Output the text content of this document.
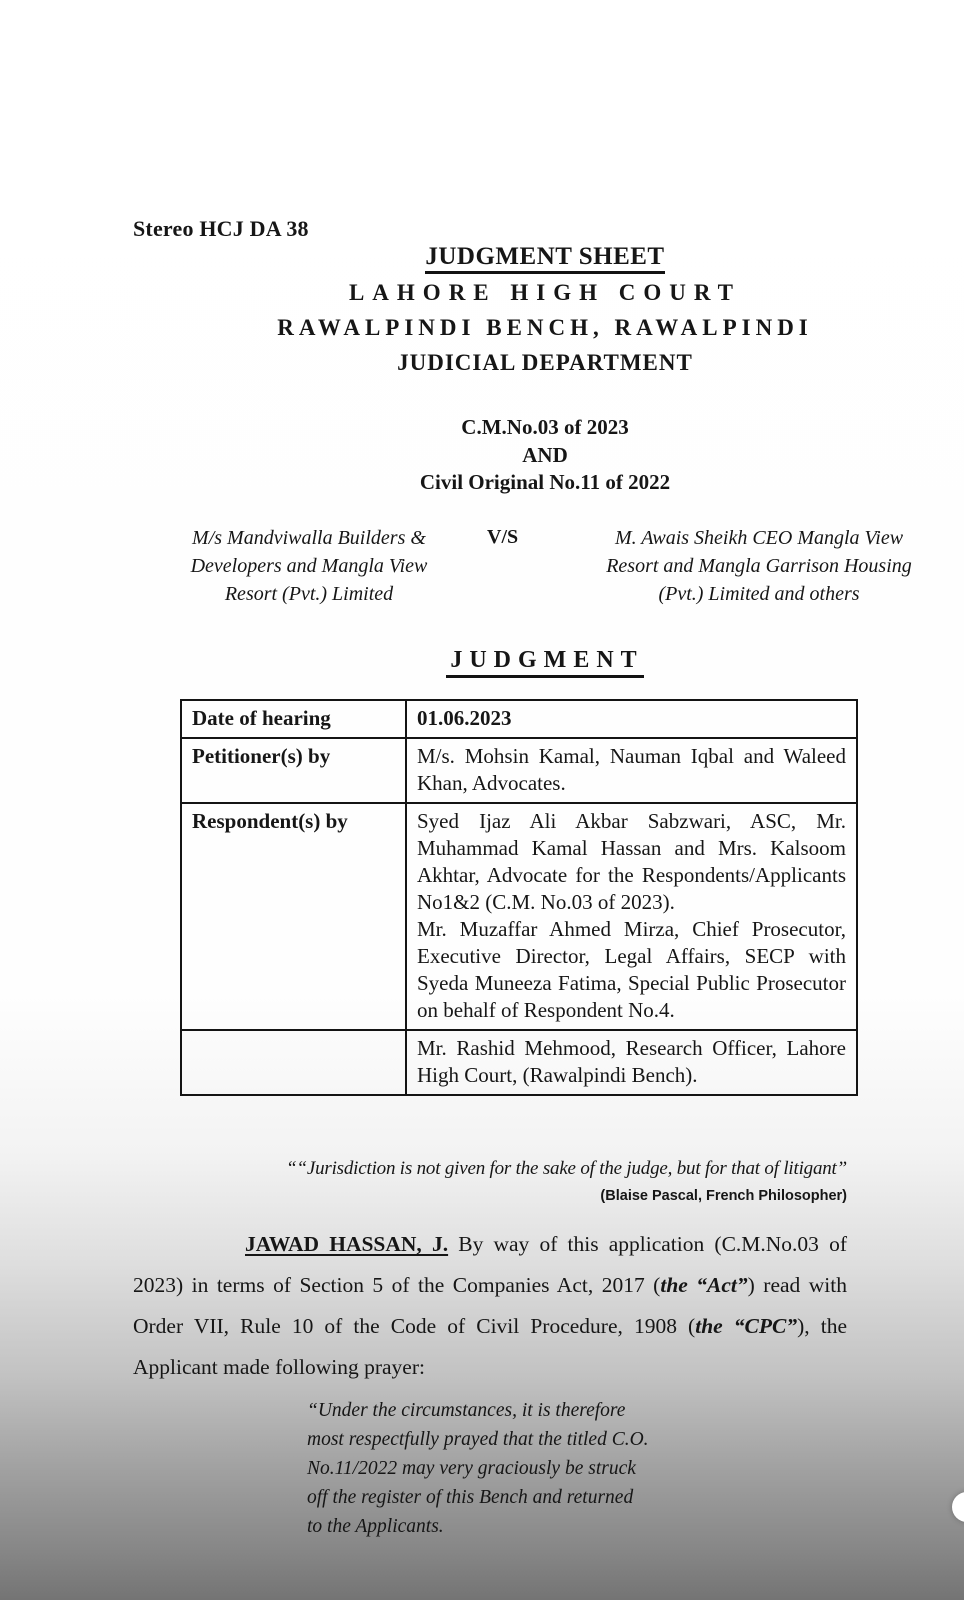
Stereo HCJ DA 38
JUDGMENT SHEET
LAHORE HIGH COURT
RAWALPINDI BENCH, RAWALPINDI
JUDICIAL DEPARTMENT
C.M.No.03 of 2023
AND
Civil Original No.11 of 2022
M/s Mandviwalla Builders &
Developers and Mangla View
Resort (Pvt.) Limited
V/S	M. Awais Sheikh CEO Mangla View
Resort and Mangla Garrison Housing
(Pvt.) Limited and others
JUDGMENT
Date of hearing	01.06.2023
Petitioner(s) by	M/s. Mohsin Kamal, Nauman Iqbal and Waleed Khan, Advocates.
Respondent(s) by	Syed Ijaz Ali Akbar Sabzwari, ASC, Mr. Muhammad Kamal Hassan and Mrs. Kalsoom Akhtar, Advocate for the Respondents/Applicants No1&2 (C.M. No.03 of 2023).
Mr. Muzaffar Ahmed Mirza, Chief Prosecutor, Executive Director, Legal Affairs, SECP with Syeda Muneeza Fatima, Special Public Prosecutor on behalf of Respondent No.4.

	Mr. Rashid Mehmood, Research Officer, Lahore High Court, (Rawalpindi Bench).
““Jurisdiction is not given for the sake of the judge, but for that of litigant”
(Blaise Pascal, French Philosopher)
JAWAD HASSAN, J. By way of this application (C.M.No.03 of 2023) in terms of Section 5 of the Companies Act, 2017 (the “Act”) read with Order VII, Rule 10 of the Code of Civil Procedure, 1908 (the “CPC”), the Applicant made following prayer:
“Under the circumstances, it is therefore
most respectfully prayed that the titled C.O.
No.11/2022 may very graciously be struck
off the register of this Bench and returned
to the Applicants.
